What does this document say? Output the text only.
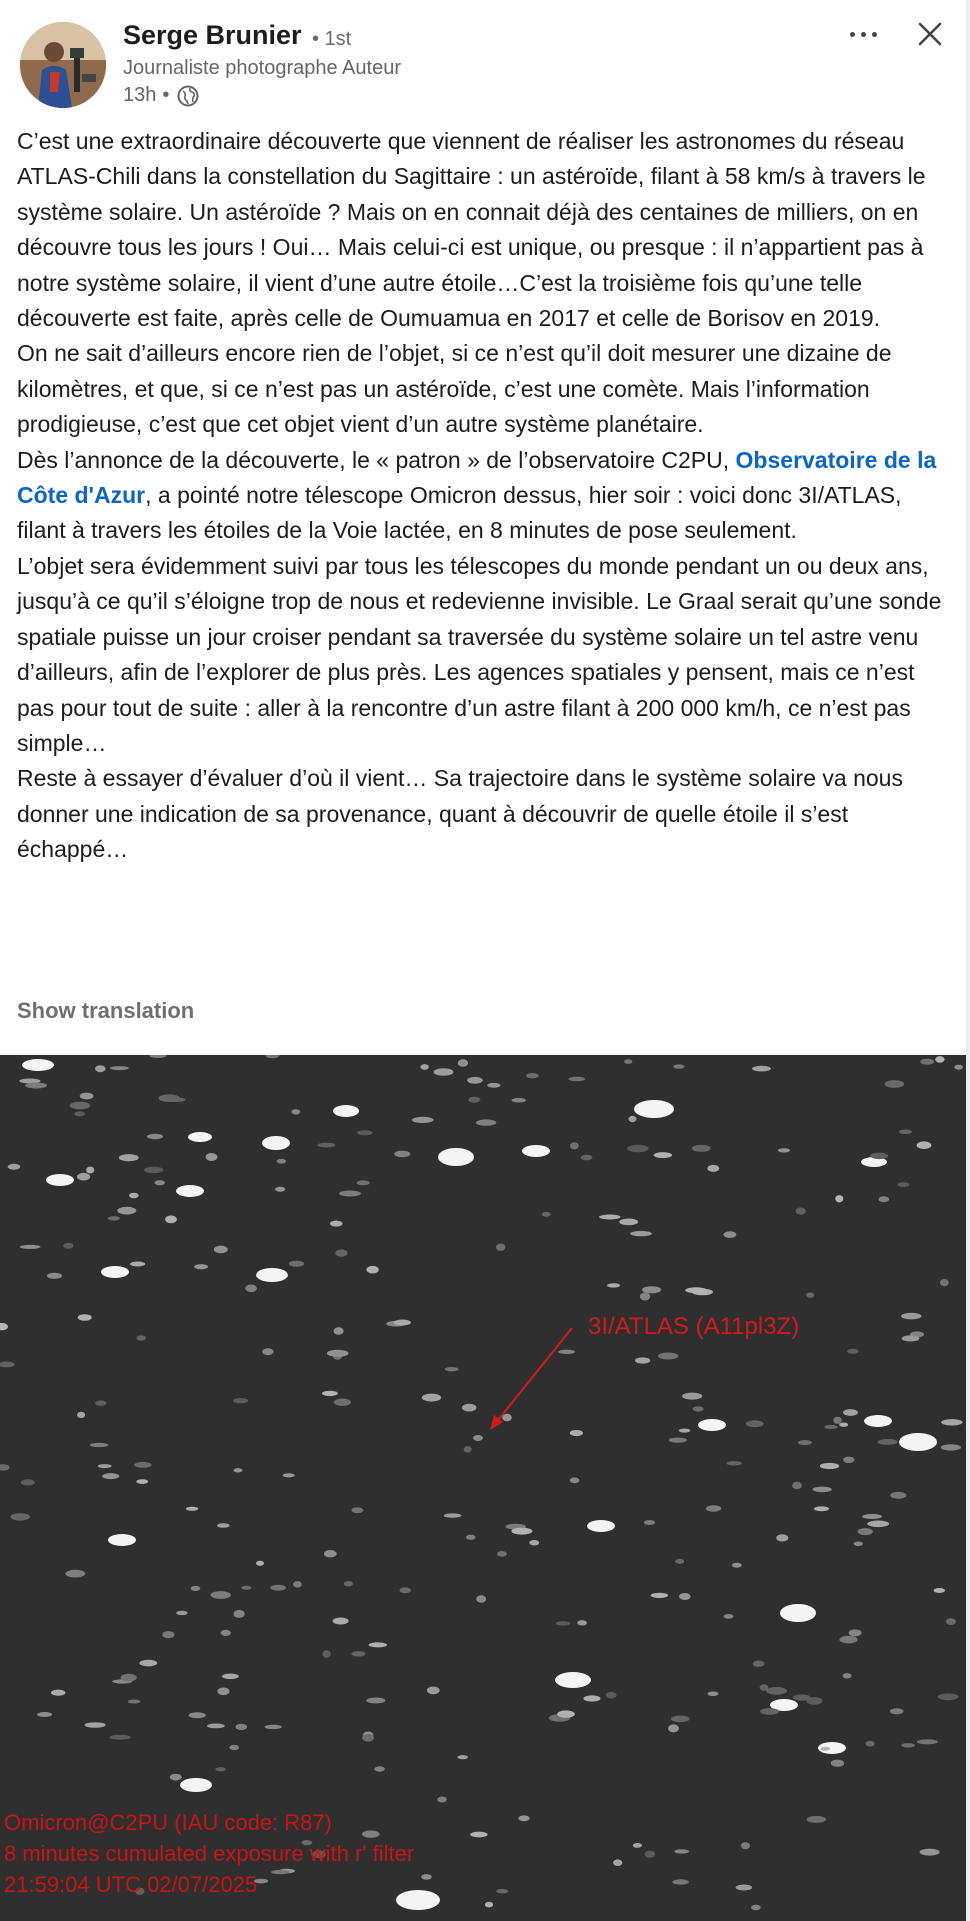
Serge Brunier • 1st
Journaliste photographe Auteur
13h •

C’est une extraordinaire découverte que viennent de réaliser les astronomes du réseau ATLAS-Chili dans la constellation du Sagittaire : un astéroïde, filant à 58 km/s à travers le système solaire. Un astéroïde ? Mais on en connait déjà des centaines de milliers, on en découvre tous les jours ! Oui… Mais celui-ci est unique, ou presque : il n’appartient pas à notre système solaire, il vient d’une autre étoile…C’est la troisième fois qu’une telle découverte est faite, après celle de Oumuamua en 2017 et celle de Borisov en 2019.

On ne sait d’ailleurs encore rien de l’objet, si ce n’est qu’il doit mesurer une dizaine de kilomètres, et que, si ce n’est pas un astéroïde, c’est une comète. Mais l’information prodigieuse, c’est que cet objet vient d’un autre système planétaire.

Dès l’annonce de la découverte, le « patron » de l’observatoire C2PU, Observatoire de la Côte d'Azur, a pointé notre télescope Omicron dessus, hier soir : voici donc 3I/ATLAS, filant à travers les étoiles de la Voie lactée, en 8 minutes de pose seulement.

L’objet sera évidemment suivi par tous les télescopes du monde pendant un ou deux ans, jusqu’à ce qu’il s’éloigne trop de nous et redevienne invisible. Le Graal serait qu’une sonde spatiale puisse un jour croiser pendant sa traversée du système solaire un tel astre venu d’ailleurs, afin de l’explorer de plus près. Les agences spatiales y pensent, mais ce n’est pas pour tout de suite : aller à la rencontre d’un astre filant à 200 000 km/h, ce n’est pas simple…

Reste à essayer d’évaluer d’où il vient… Sa trajectoire dans le système solaire va nous donner une indication de sa provenance, quant à découvrir de quelle étoile il s’est échappé…

Show translation
3I/ATLAS (A11pl3Z)
Omicron@C2PU (IAU code: R87)
8 minutes cumulated exposure with r' filter
21:59:04 UTC 02/07/2025
